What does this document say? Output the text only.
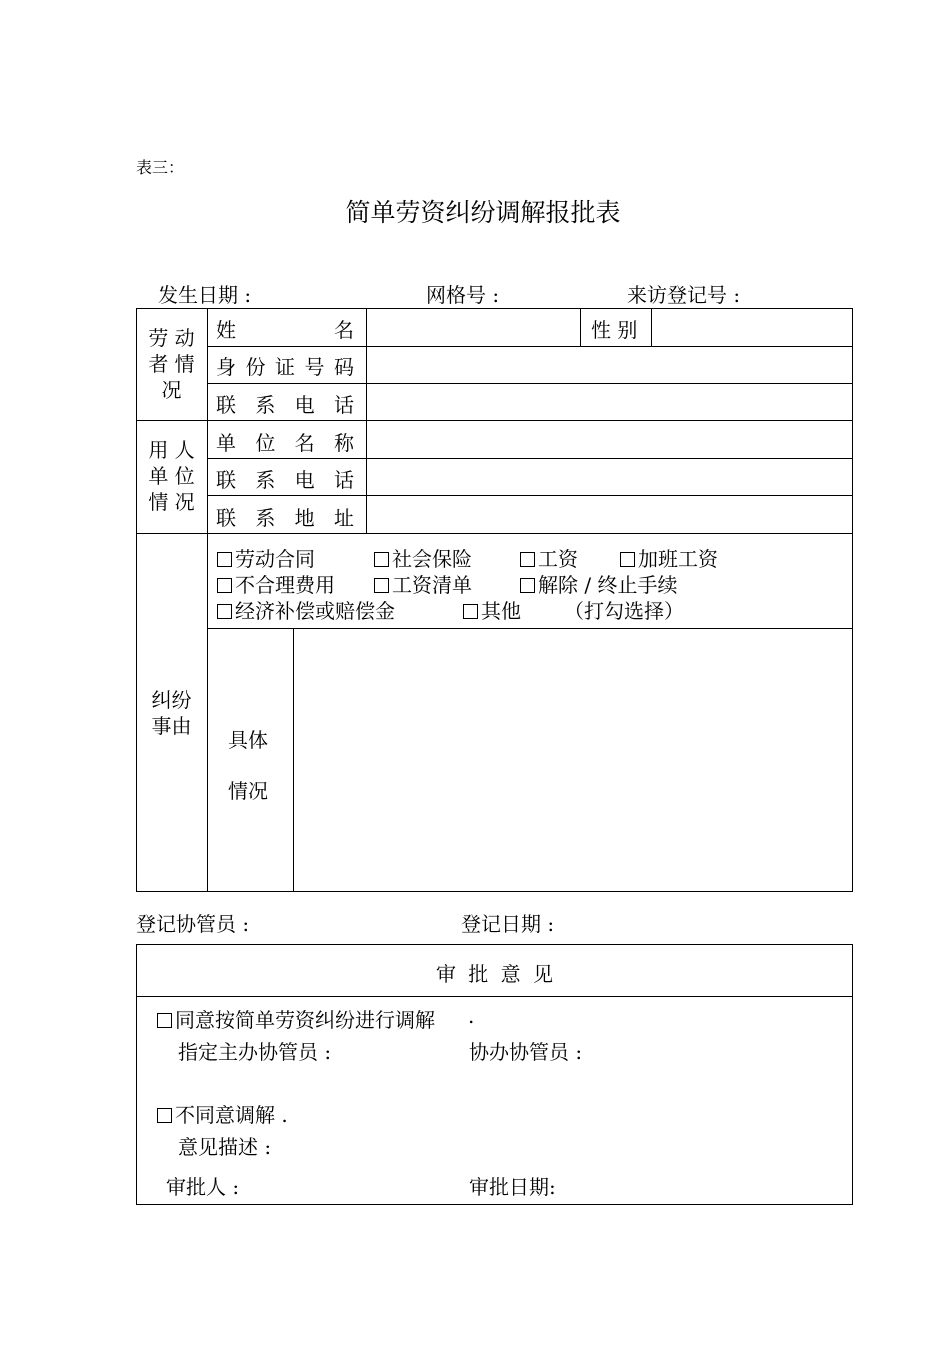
表三：
简单劳资纠纷调解报批表
发生日期 :	网格号 :	来访登记号 :
劳 动
者 情
况
姓	名	性 别
身 份 证 号 码
联 系 电 话
用 人
单 位
情 况
单 位 名 称
联 系 电 话
联 系 地 址
纠纷
事由
劳动合同	社会保险	工资	加班工资
不合理费用	工资清单	解除 / 终止手续
经济补偿或赔偿金	其他 （打勾选择）
具体
情况
登记协管员 :	登记日期 :
审 批 意 见
同意按简单劳资纠纷进行调解 .
指定主办协管员 :	协办协管员 :
不同意调解 .
意见描述 :
审批人 :	审批日期:
